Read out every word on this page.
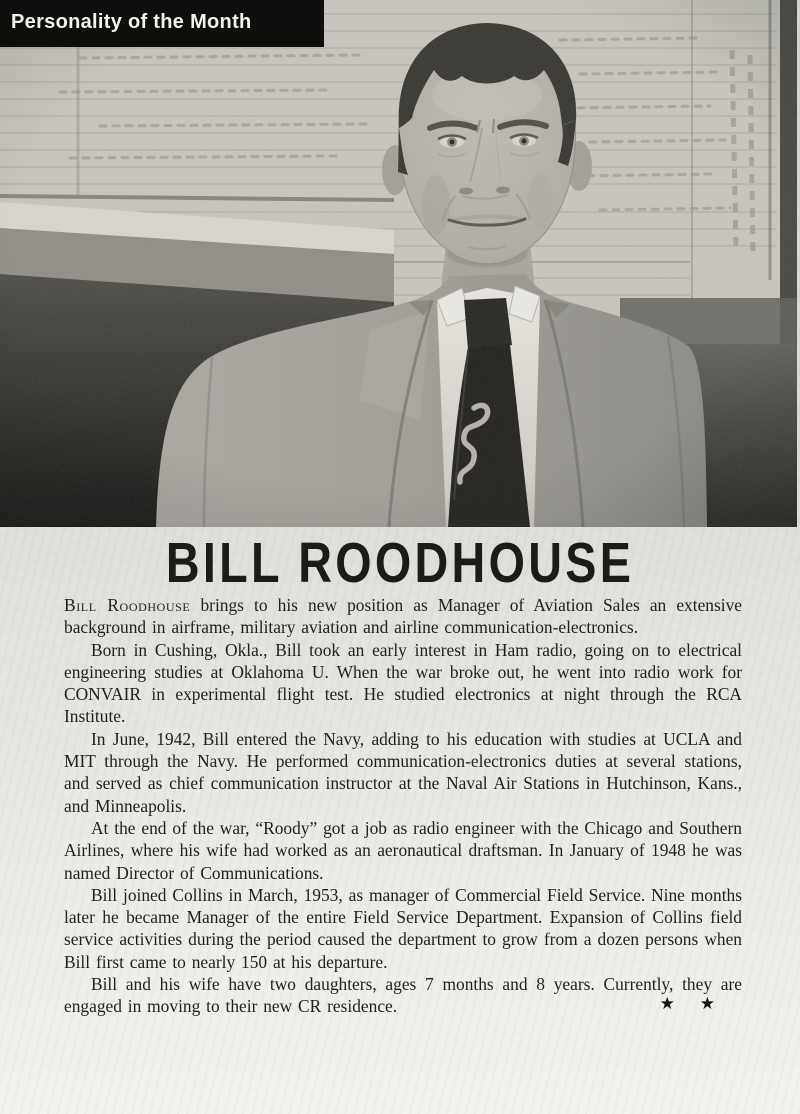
Personality of the Month
BILL ROODHOUSE

Bill Roodhouse brings to his new position as Manager of Aviation Sales an extensive background in airframe, military aviation and airline communication-electronics.

Born in Cushing, Okla., Bill took an early interest in Ham radio, going on to electrical engineering studies at Oklahoma U. When the war broke out, he went into radio work for CONVAIR in experimental flight test. He studied electronics at night through the RCA Institute.

In June, 1942, Bill entered the Navy, adding to his education with studies at UCLA and MIT through the Navy. He performed communication-electronics duties at several stations, and served as chief communication instructor at the Naval Air Stations in Hutchinson, Kans., and Minneapolis.

At the end of the war, “Roody” got a job as radio engineer with the Chicago and Southern Airlines, where his wife had worked as an aeronautical draftsman. In January of 1948 he was named Director of Communications.

Bill joined Collins in March, 1953, as manager of Commercial Field Service. Nine months later he became Manager of the entire Field Service Department. Expansion of Collins field service activities during the period caused the department to grow from a dozen persons when Bill first came to nearly 150 at his departure.

Bill and his wife have two daughters, ages 7 months and 8 years. Currently, they are engaged in moving to their new CR residence.	★ ★
